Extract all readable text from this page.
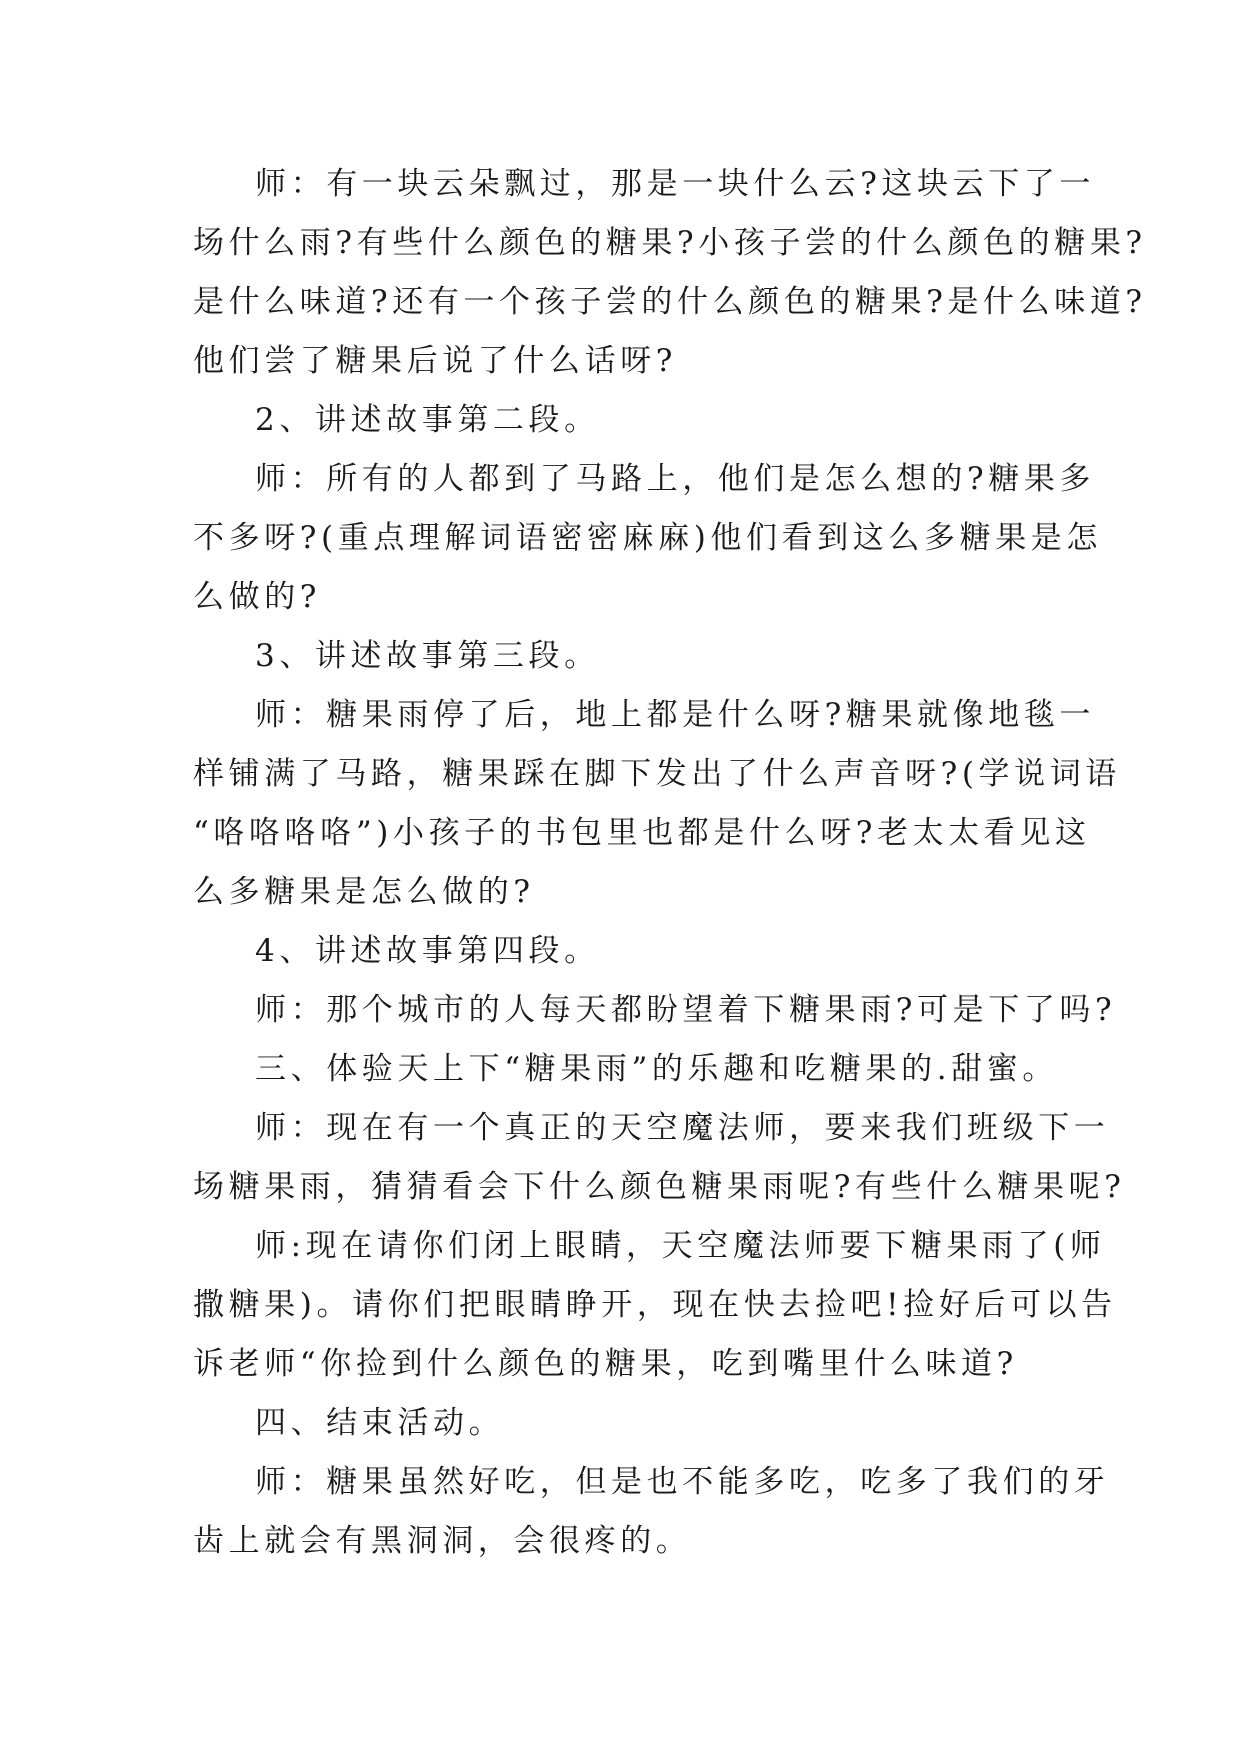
师：有一块云朵飘过，那是一块什么云?这块云下了一
场什么雨?有些什么颜色的糖果?小孩子尝的什么颜色的糖果?
是什么味道?还有一个孩子尝的什么颜色的糖果?是什么味道?
他们尝了糖果后说了什么话呀?

2、讲述故事第二段。

师：所有的人都到了马路上，他们是怎么想的?糖果多
不多呀?(重点理解词语密密麻麻)他们看到这么多糖果是怎
么做的?

3、讲述故事第三段。

师：糖果雨停了后，地上都是什么呀?糖果就像地毯一
样铺满了马路，糖果踩在脚下发出了什么声音呀?(学说词语
“咯咯咯咯”)小孩子的书包里也都是什么呀?老太太看见这
么多糖果是怎么做的?

4、讲述故事第四段。

师：那个城市的人每天都盼望着下糖果雨?可是下了吗?

三、体验天上下“糖果雨”的乐趣和吃糖果的.甜蜜。

师：现在有一个真正的天空魔法师，要来我们班级下一
场糖果雨，猜猜看会下什么颜色糖果雨呢?有些什么糖果呢?

师:现在请你们闭上眼睛，天空魔法师要下糖果雨了(师
撒糖果)。请你们把眼睛睁开，现在快去捡吧!捡好后可以告
诉老师“你捡到什么颜色的糖果，吃到嘴里什么味道?

四、结束活动。

师：糖果虽然好吃，但是也不能多吃，吃多了我们的牙
齿上就会有黑洞洞，会很疼的。
